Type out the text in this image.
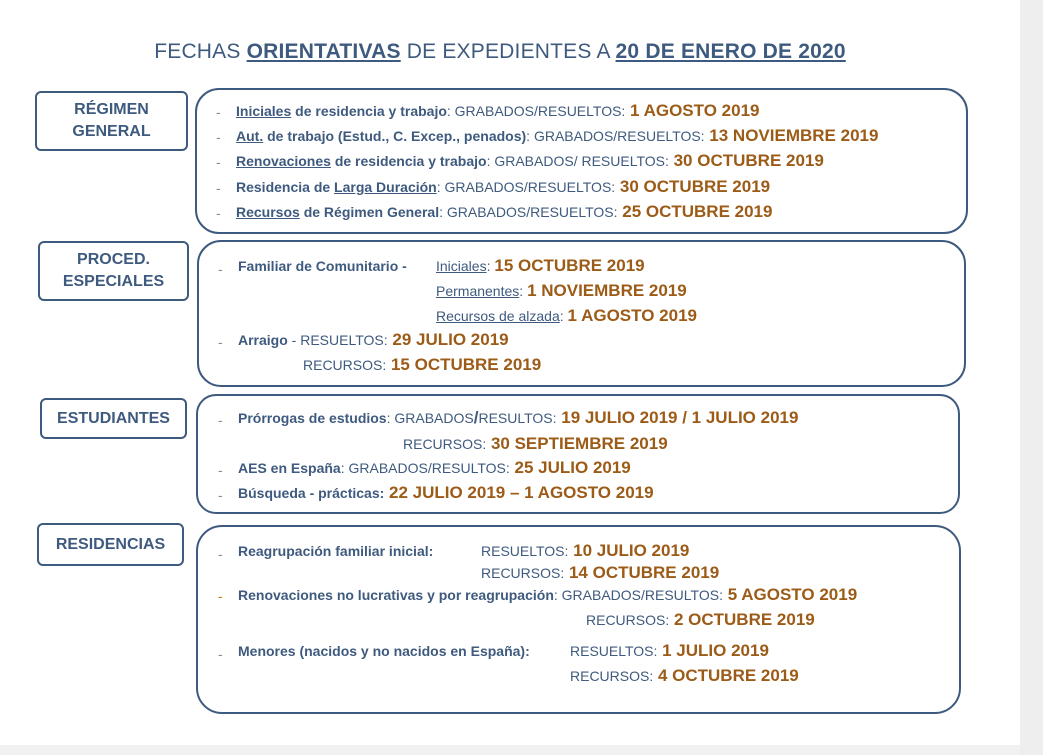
FECHAS ORIENTATIVAS DE EXPEDIENTES A 20 DE ENERO DE 2020
RÉGIMEN
GENERAL
- Iniciales de residencia y trabajo: GRABADOS/RESUELTOS: 1 AGOSTO 2019
- Aut. de trabajo (Estud., C. Excep., penados): GRABADOS/RESUELTOS: 13 NOVIEMBRE 2019
- Renovaciones de residencia y trabajo: GRABADOS/ RESUELTOS: 30 OCTUBRE 2019
- Residencia de Larga Duración: GRABADOS/RESUELTOS: 30 OCTUBRE 2019
- Recursos de Régimen General: GRABADOS/RESUELTOS: 25 OCTUBRE 2019
PROCED.
ESPECIALES
- Familiar de Comunitario - Iniciales: 15 OCTUBRE 2019
Permanentes: 1 NOVIEMBRE 2019
Recursos de alzada: 1 AGOSTO 2019
- Arraigo - RESUELTOS: 29 JULIO 2019
RECURSOS: 15 OCTUBRE 2019
ESTUDIANTES	- Prórrogas de estudios: GRABADOS/RESULTOS: 19 JULIO 2019 / 1 JULIO 2019
RECURSOS: 30 SEPTIEMBRE 2019
- AES en España: GRABADOS/RESULTOS: 25 JULIO 2019
- Búsqueda - prácticas: 22 JULIO 2019 – 1 AGOSTO 2019
RESIDENCIAS
- Reagrupación familiar inicial:	RESUELTOS: 10 JULIO 2019
RECURSOS: 14 OCTUBRE 2019
- Renovaciones no lucrativas y por reagrupación: GRABADOS/RESULTOS: 5 AGOSTO 2019
RECURSOS: 2 OCTUBRE 2019
- Menores (nacidos y no nacidos en España):	RESUELTOS: 1 JULIO 2019
RECURSOS: 4 OCTUBRE 2019
